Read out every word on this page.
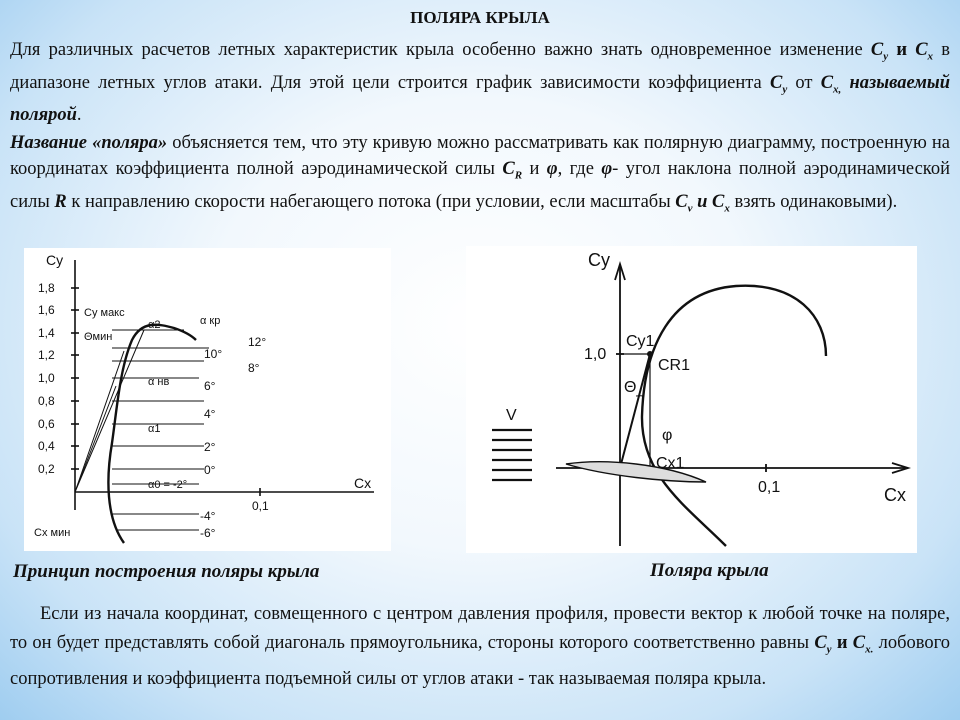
ПОЛЯРА КРЫЛА
Для различных расчетов летных характеристик крыла особенно важно знать одновременное изменение $C_y$ и $C_x$ в диапазоне летных углов атаки. Для этой цели строится график зависимости коэффициента $C_y$ от $C_{x,}$ называемый полярой.
Название «поляра» объясняется тем, что эту кривую можно рассматривать как полярную диаграмму, построенную на координатах коэффициента полной аэродинамической силы $C_R$ и φ, где φ- угол наклона полной аэродинамической силы R к направлению скорости набегающего потока (при условии, если масштабы $C_v$ и $C_x$ взять одинаковыми).
Cy
Cx
1,8
1,6
1,4
1,2
1,0
0,8
0,6
0,4
0,2
0,1
Cy макс
Θмин
α кр
α2
α нв
α1
α0 = -2°
Cx мин
12°
10°
8°
6°
4°
2°
0°
-4°
-6°
Cy
Cx
1,0
0,1
Cy1
CR1
Θ
φ
Cx1
V
Принцип построения поляры крыла	Поляра крыла
Если из начала координат, совмещенного с центром давления профиля, провести вектор к любой точке на поляре, то он будет представлять собой диагональ прямоугольника, стороны которого соответственно равны $C_y$ и $C_{x.}$ лобового сопротивления и коэффициента подъемной силы от углов атаки - так называемая поляра крыла.
